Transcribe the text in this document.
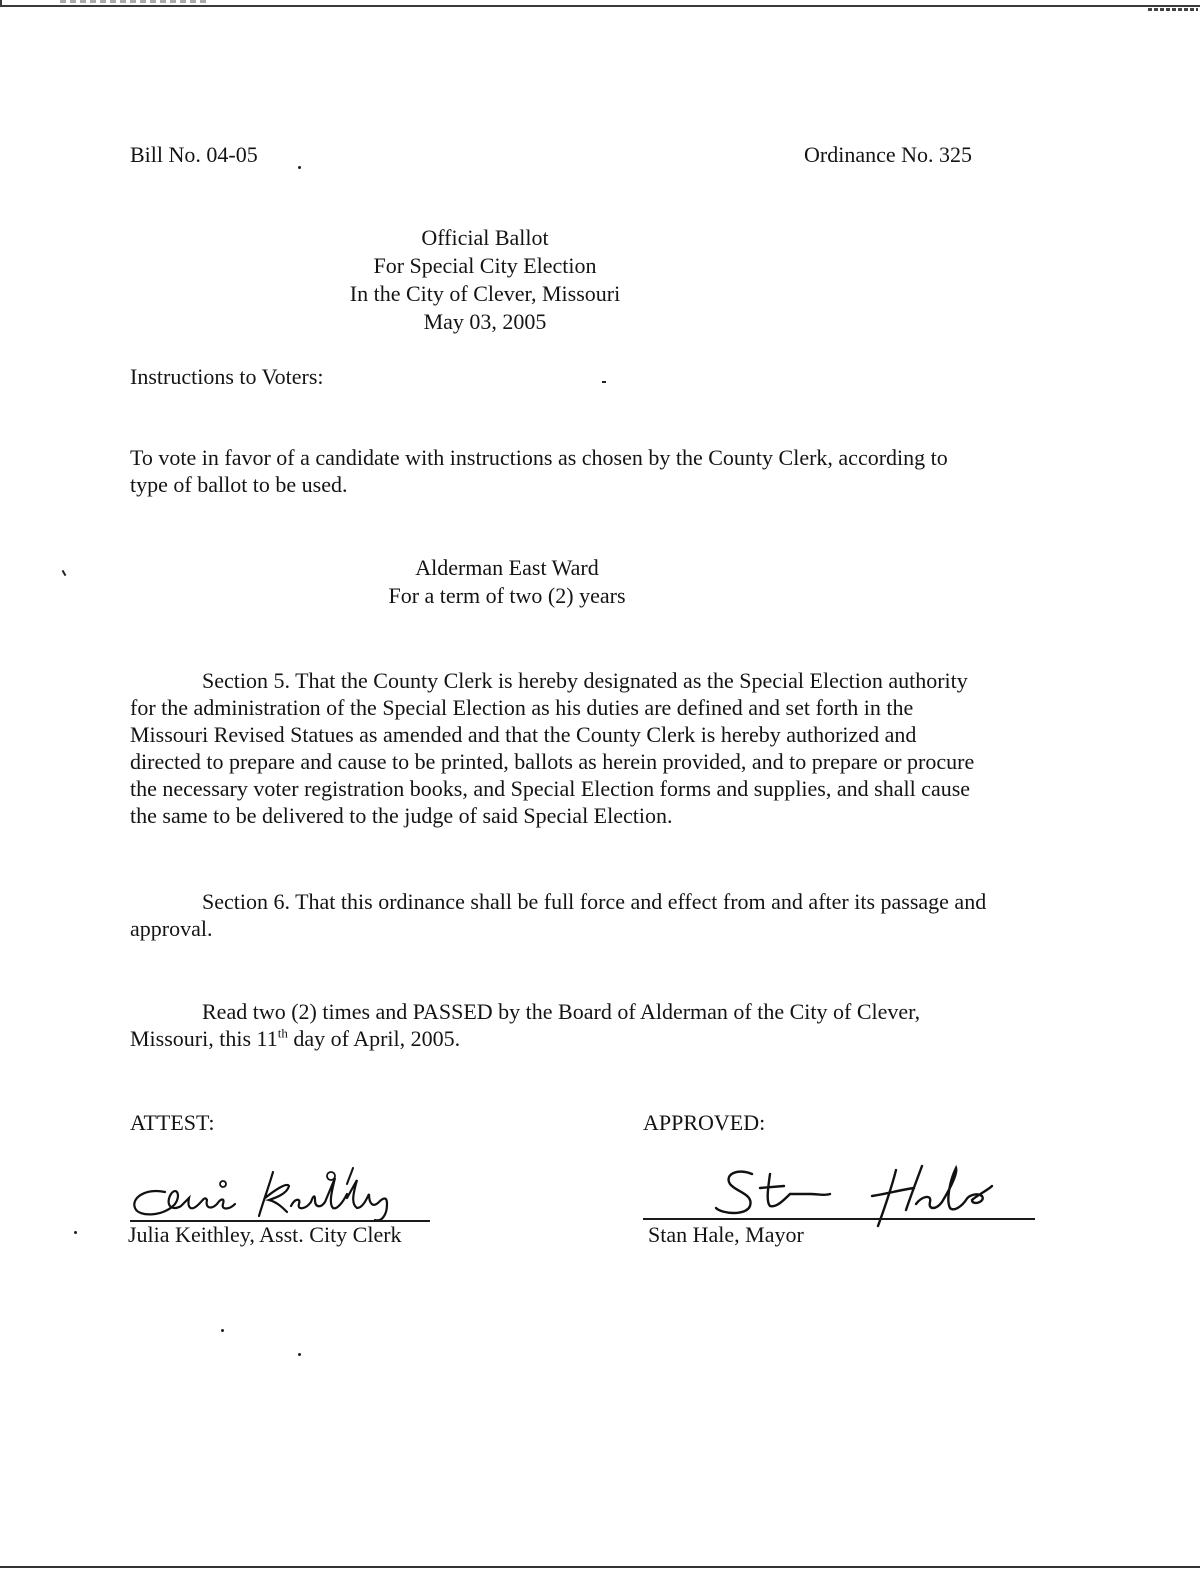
Bill No. 04-05	Ordinance No. 325
Official Ballot
For Special City Election
In the City of Clever, Missouri
May 03, 2005
Instructions to Voters:
To vote in favor of a candidate with instructions as chosen by the County Clerk, according to
type of ballot to be used.
Alderman East Ward
For a term of two (2) years
Section 5. That the County Clerk is hereby designated as the Special Election authority
for the administration of the Special Election as his duties are defined and set forth in the
Missouri Revised Statues as amended and that the County Clerk is hereby authorized and
directed to prepare and cause to be printed, ballots as herein provided, and to prepare or procure
the necessary voter registration books, and Special Election forms and supplies, and shall cause
the same to be delivered to the judge of said Special Election.
Section 6. That this ordinance shall be full force and effect from and after its passage and
approval.
Read two (2) times and PASSED by the Board of Alderman of the City of Clever,
Missouri, this 11th day of April, 2005.
ATTEST:	APPROVED:
Julia Keithley, Asst. City Clerk	Stan Hale, Mayor
